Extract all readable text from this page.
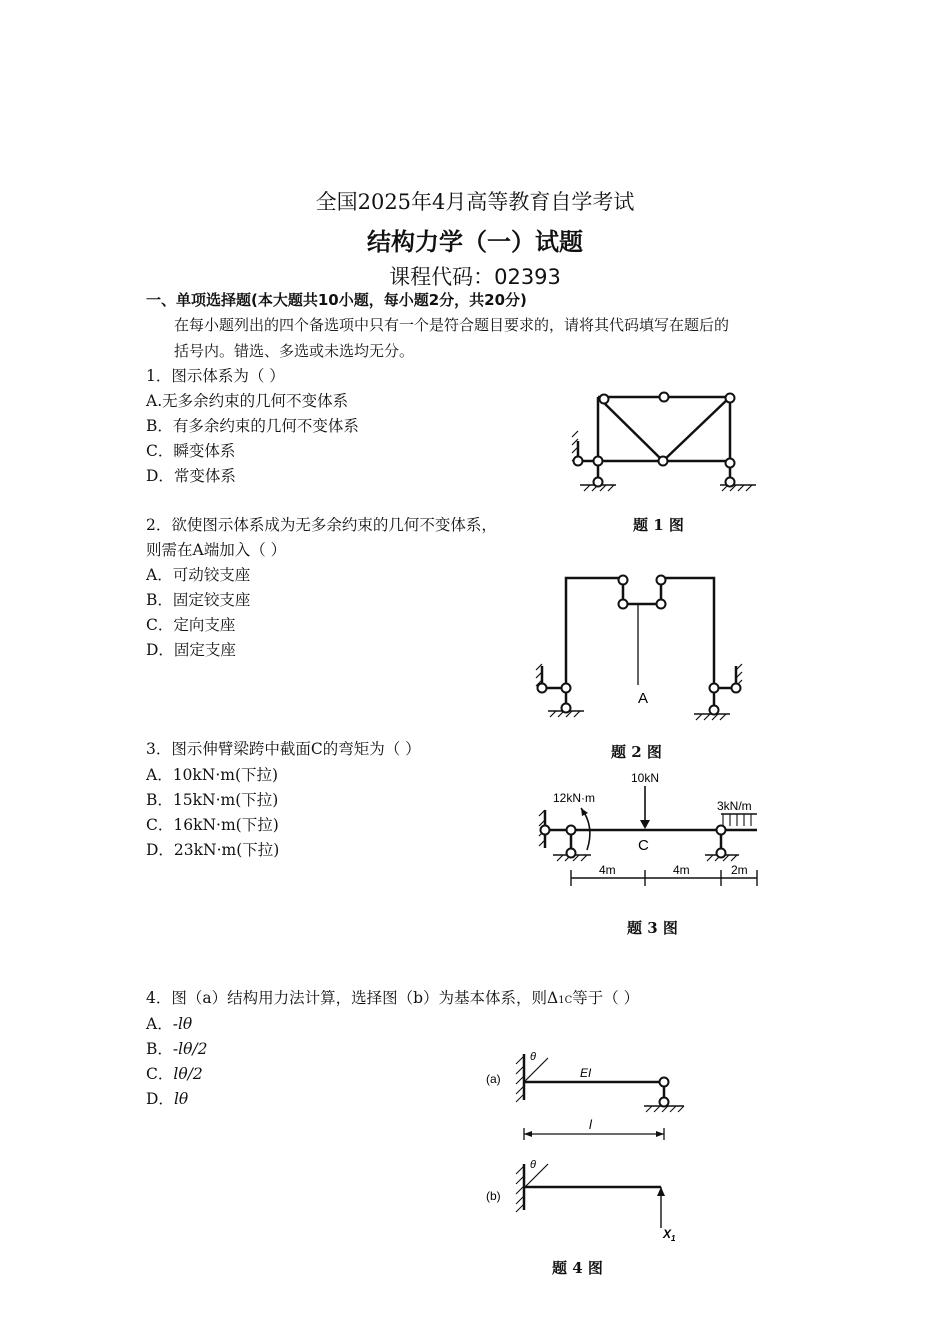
全国2025年4月高等教育自学考试
结构力学（一）试题
课程代码：02393
一、单项选择题(本大题共10小题，每小题2分，共20分)
在每小题列出的四个备选项中只有一个是符合题目要求的，请将其代码填写在题后的
括号内。错选、多选或未选均无分。
1．图示体系为（ ）
A.无多余约束的几何不变体系
B．有多余约束的几何不变体系
C．瞬变体系
D．常变体系
题 1 图
2．欲使图示体系成为无多余约束的几何不变体系，
则需在A端加入（ ）
A．可动铰支座
B．固定铰支座
C．定向支座
D．固定支座
A
题 2 图
3．图示伸臂梁跨中截面C的弯矩为（ ）
A．10kN·m(下拉)
B．15kN·m(下拉)
C．16kN·m(下拉)
D．23kN·m(下拉)
12kN·m
10kN
C
3kN/m
4m	4m	2m
题 3 图
4．图（a）结构用力法计算，选择图（b）为基本体系，则Δ1C等于（ ）
A．-lθ
B．-lθ/2
C．lθ/2
D．lθ
(a)
θ
EI
l
(b)
θ
$X_1$
题 4 图
